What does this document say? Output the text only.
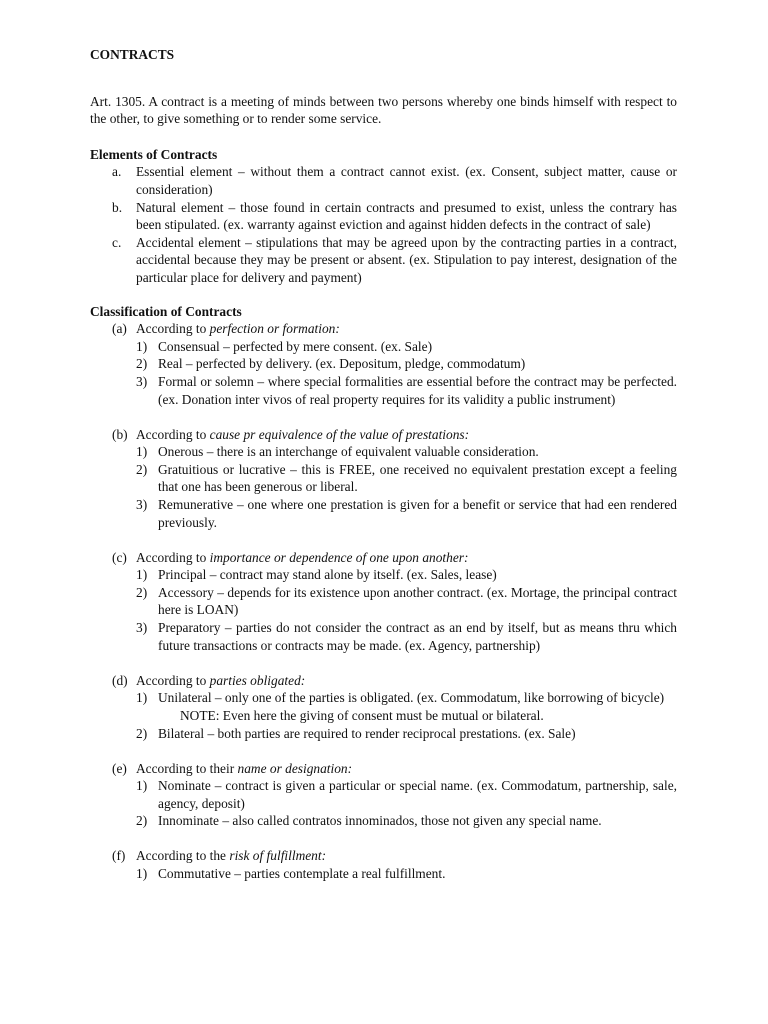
CONTRACTS
Art. 1305. A contract is a meeting of minds between two persons whereby one binds himself with respect to the other, to give something or to render some service.
Elements of Contracts
a. Essential element – without them a contract cannot exist. (ex. Consent, subject matter, cause or consideration)
b. Natural element – those found in certain contracts and presumed to exist, unless the contrary has been stipulated. (ex. warranty against eviction and against hidden defects in the contract of sale)
c. Accidental element – stipulations that may be agreed upon by the contracting parties in a contract, accidental because they may be present or absent. (ex. Stipulation to pay interest, designation of the particular place for delivery and payment)
Classification of Contracts
(a) According to perfection or formation:
1) Consensual – perfected by mere consent. (ex. Sale)
2) Real – perfected by delivery. (ex. Depositum, pledge, commodatum)
3) Formal or solemn – where special formalities are essential before the contract may be perfected. (ex. Donation inter vivos of real property requires for its validity a public instrument)
(b) According to cause pr equivalence of the value of prestations:
1) Onerous – there is an interchange of equivalent valuable consideration.
2) Gratuitious or lucrative – this is FREE, one received no equivalent prestation except a feeling that one has been generous or liberal.
3) Remunerative – one where one prestation is given for a benefit or service that had een rendered previously.
(c) According to importance or dependence of one upon another:
1) Principal – contract may stand alone by itself. (ex. Sales, lease)
2) Accessory – depends for its existence upon another contract. (ex. Mortage, the principal contract here is LOAN)
3) Preparatory – parties do not consider the contract as an end by itself, but as means thru which future transactions or contracts may be made. (ex. Agency, partnership)
(d) According to parties obligated:
1) Unilateral – only one of the parties is obligated. (ex. Commodatum, like borrowing of bicycle)
NOTE: Even here the giving of consent must be mutual or bilateral.
2) Bilateral – both parties are required to render reciprocal prestations. (ex. Sale)
(e) According to their name or designation:
1) Nominate – contract is given a particular or special name. (ex. Commodatum, partnership, sale, agency, deposit)
2) Innominate – also called contratos innominados, those not given any special name.
(f) According to the risk of fulfillment:
1) Commutative – parties contemplate a real fulfillment.
